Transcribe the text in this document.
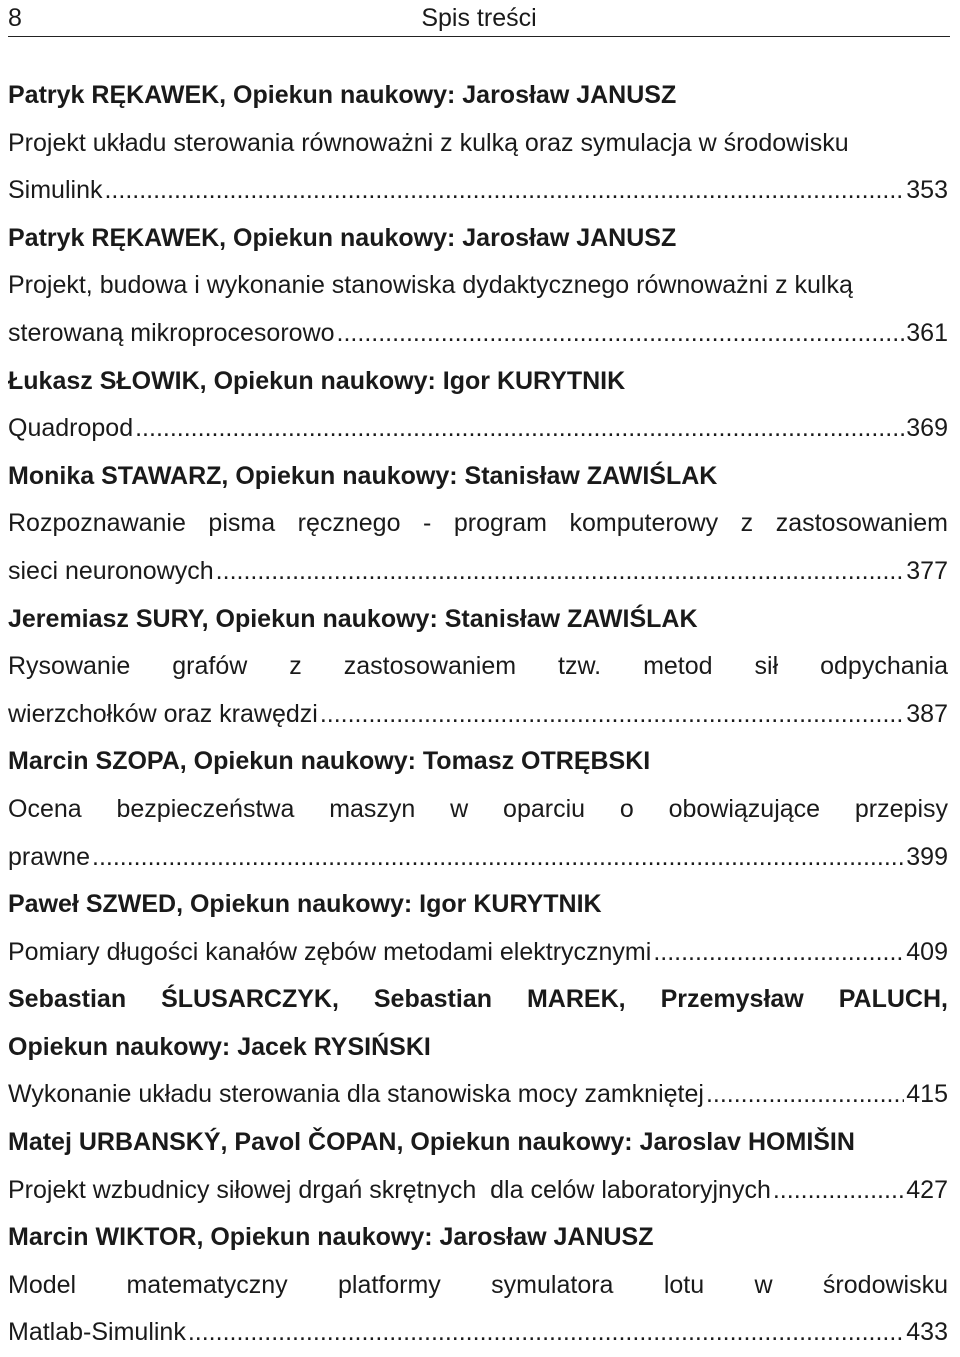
8	Spis treści
Patryk RĘKAWEK, Opiekun naukowy: Jarosław JANUSZ
Projekt układu sterowania równoważni z kulką oraz symulacja w środowisku
Simulink .....	353
Patryk RĘKAWEK, Opiekun naukowy: Jarosław JANUSZ
Projekt, budowa i wykonanie stanowiska dydaktycznego równoważni z kulką
sterowaną mikroprocesorowo .....	361
Łukasz SŁOWIK, Opiekun naukowy: Igor KURYTNIK
Quadropod .....	369
Monika STAWARZ, Opiekun naukowy: Stanisław ZAWIŚLAK
Rozpoznawanie pisma ręcznego - program komputerowy z zastosowaniem
sieci neuronowych .....	377
Jeremiasz SURY, Opiekun naukowy: Stanisław ZAWIŚLAK
Rysowanie grafów z zastosowaniem tzw. metod sił odpychania
wierzchołków oraz krawędzi .....	387
Marcin SZOPA, Opiekun naukowy: Tomasz OTRĘBSKI
Ocena bezpieczeństwa maszyn w oparciu o obowiązujące przepisy
prawne .....	399
Paweł SZWED, Opiekun naukowy: Igor KURYTNIK
Pomiary długości kanałów zębów metodami elektrycznymi .....	409
Sebastian ŚLUSARCZYK, Sebastian MAREK, Przemysław PALUCH,
Opiekun naukowy: Jacek RYSIŃSKI
Wykonanie układu sterowania dla stanowiska mocy zamkniętej .....	415
Matej URBANSKÝ, Pavol ČOPAN, Opiekun naukowy: Jaroslav HOMIŠIN
Projekt wzbudnicy siłowej drgań skrętnych  dla celów laboratoryjnych .....	427
Marcin WIKTOR, Opiekun naukowy: Jarosław JANUSZ
Model matematyczny platformy symulatora lotu w środowisku
Matlab-Simulink .....	433
